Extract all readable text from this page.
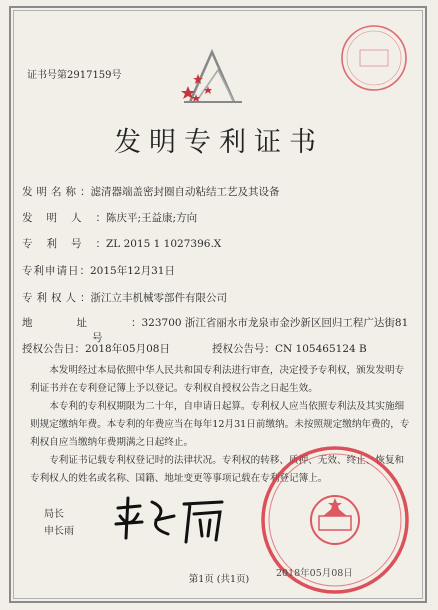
证书号第2917159号
发明专利证书
发明名称：滤清器端盖密封圈自动粘结工艺及其设备
发明人：陈庆平;王益康;方向
专利号：ZL 2015 1 1027396.X
专利申请日：2015年12月31日
专利权人：浙江立丰机械零部件有限公司
地址：323700 浙江省丽水市龙泉市金沙新区回归工程广达街81
号
授权公告日：2018年05月08日	授权公告号：CN 105465124 B

本发明经过本局依照中华人民共和国专利法进行审查，决定授予专利权，颁发发明专利证书并在专利登记簿上予以登记。专利权自授权公告之日起生效。

本专利的专利权期限为二十年，自申请日起算。专利权人应当依照专利法及其实施细则规定缴纳年费。本专利的年费应当在每年12月31日前缴纳。未按照规定缴纳年费的，专利权自应当缴纳年费期满之日起终止。

专利证书记载专利权登记时的法律状况。专利权的转移、质押、无效、终止、恢复和专利权人的姓名或名称、国籍、地址变更等事项记载在专利登记簿上。

局长
申长雨
2018年05月08日
第1页 (共1页)
